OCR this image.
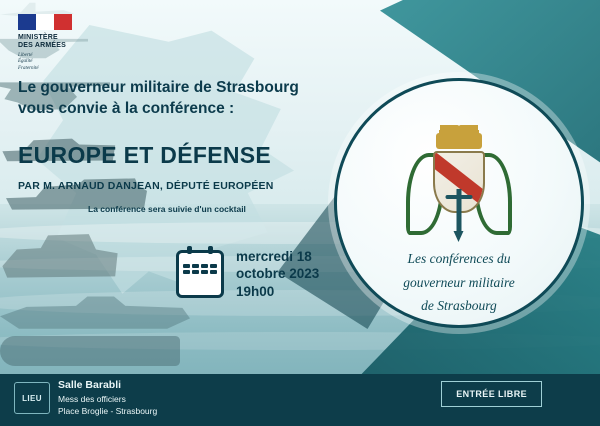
MINISTÈRE
DES ARMÉES
Liberté
Égalité
Fraternité
Le gouverneur militaire de Strasbourg
vous convie à la conférence :
EUROPE ET DÉFENSE
PAR M. ARNAUD DANJEAN, DÉPUTÉ EUROPÉEN
La conférence sera suivie d'un cocktail
mercredi 18
octobre 2023
19h00
Les conférences du
gouverneur militaire
de Strasbourg
LIEU
Salle Barabli
Mess des officiers
Place Broglie - Strasbourg
ENTRÉE LIBRE
